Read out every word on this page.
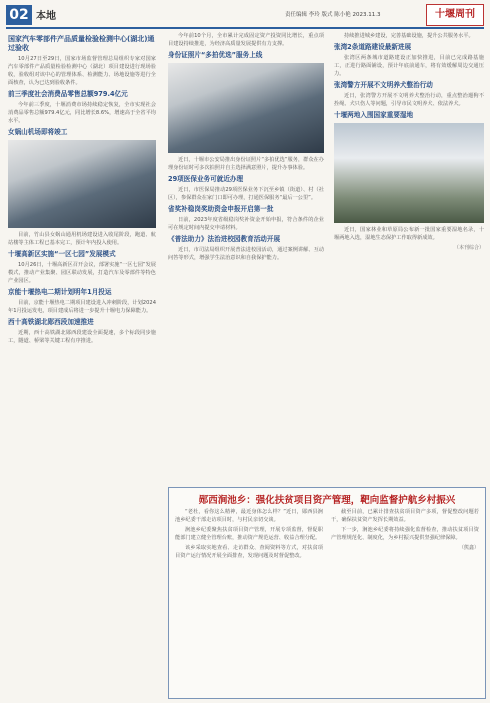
02 本地	责任编辑 李玲 版式 陈小艳 2023.11.3	十堰周刊
国家汽车零部件产品质量检验检测中心(湖北)通过验收

10月27日至29日，国家市场监督管理总局组织专家对国家汽车零部件产品质量检验检测中心（湖北）项目建设进行现场验收，验收组对该中心的管理体系、检测能力、场地设施等进行全面核查，认为已达到验收条件。

前三季度社会消费品零售总额979.4亿元

今年前三季度，十堰消费市场持续稳定恢复，全市实现社会消费品零售总额979.4亿元，同比增长8.6%，增速高于全省平均水平。

女娲山机场即将竣工

目前，竹山县女娲山通用机场建设进入收尾阶段，跑道、航站楼等主体工程已基本完工，预计年内投入使用。

十堰高新区实施“一区七园”发展模式

10月26日，十堰高新区召开会议，部署实施“一区七园”发展模式，推动产业集聚、园区联动发展，打造汽车及零部件等特色产业园区。

京能十堰热电二期计划明年1月投运

目前，京能十堰热电二期项目建设进入冲刺阶段，计划2024年1月投运发电，项目建成后将进一步提升十堰电力保障能力。

西十高铁湖北郧西段加速推进

近期，西十高铁湖北郧西段建设全面提速，多个标段同步施工，隧道、桥梁等关键工程有序推进。

今年前10个月，全市累计完成固定资产投资同比增长，重点项目建设持续推进，为经济高质量发展提供有力支撑。

身份证照片“多拍优选”服务上线

近日，十堰市公安局推出身份证照片“多拍优选”服务，群众在办理身份证时可多次拍照并自主选择满意照片，提升办事体验。

29项医保业务可就近办理

近日，市医保局推动29项医保业务下沉至乡镇（街道）、村（社区），参保群众在家门口即可办理，打通医保服务“最后一公里”。

省奖补稳岗奖助资金申报开启第一批

日前，2023年度省级稳岗奖补资金开始申报，符合条件的企业可在规定时间内提交申请材料。

《普法助力》法治进校园教育活动开展

近日，市司法局组织开展普法进校园活动，通过案例讲解、互动问答等形式，增强学生法治意识和自我保护能力。

持续推进城乡建设，完善基础设施，提升公共服务水平。

张湾2条道路建设最新进展

张湾区两条城市道路建设正加快推进，目前已完成路基施工，正进行路面铺设，预计年底前通车，将有效缓解周边交通压力。

张湾警方开展不文明养犬整治行动

近日，张湾警方开展不文明养犬整治行动，重点整治遛狗不拴绳、犬只伤人等问题，引导市民文明养犬、依法养犬。

十堰两地入围国家重要湿地

近日，国家林业和草原局公布新一批国家重要湿地名录，十堰两地入选，湿地生态保护工作取得新成效。

（本刊综合）
郧西涧池乡：强化扶贫项目资产管理，靶向监督护航乡村振兴

“老杜，看你这么精神，最近身体怎么样？”近日，郧西县涧池乡纪委干部走访项目时，与村民亲切交谈。

涧池乡纪委聚焦扶贫项目资产管理，开展专项监督，督促职能部门建立健全管理台账，推动资产规范运营、收益合理分配。

该乡采取实地查看、走访群众、查阅资料等方式，对扶贫项目资产运行情况开展全面排查，发现问题及时督促整改。

截至目前，已累计排查扶贫项目资产多项，督促整改问题若干，确保扶贫资产发挥长期效益。

下一步，涧池乡纪委将持续强化监督检查，推动扶贫项目资产管理规范化、制度化，为乡村振兴提供坚强纪律保障。

（熊鑫）
